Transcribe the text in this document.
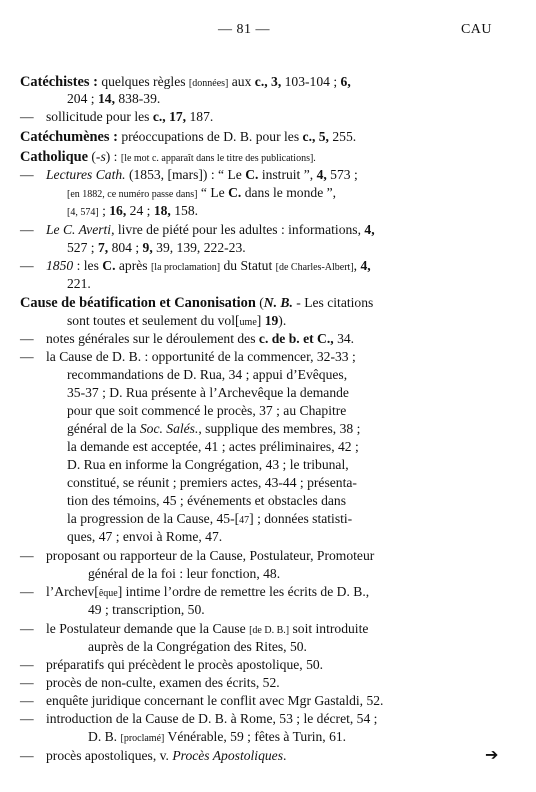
— 81 —	CAU
➔
Catéchistes : quelques règles [données] aux c., 3, 103-104 ; 6,
204 ; 14, 838-39.
— sollicitude pour les c., 17, 187.
Catéchumènes : préoccupations de D. B. pour les c., 5, 255.
Catholique (-s) : [le mot c. apparaît dans le titre des publications].
— Lectures Cath. (1853, [mars]) : “ Le C. instruit ”, 4, 573 ;
[en 1882, ce numéro passe dans] “ Le C. dans le monde ”,
[4, 574] ; 16, 24 ; 18, 158.
— Le C. Averti, livre de piété pour les adultes : informations, 4,
527 ; 7, 804 ; 9, 39, 139, 222-23.
— 1850 : les C. après [la proclamation] du Statut [de Charles-Albert], 4,
221.
Cause de béatification et Canonisation (N. B. - Les citations
sont toutes et seulement du vol[ume] 19).
— notes générales sur le déroulement des c. de b. et C., 34.
— la Cause de D. B. : opportunité de la commencer, 32-33 ;
recommandations de D. Rua, 34 ; appui d’Evêques,
35-37 ; D. Rua présente à l’Archevêque la demande
pour que soit commencé le procès, 37 ; au Chapitre
général de la Soc. Salés., supplique des membres, 38 ;
la demande est acceptée, 41 ; actes préliminaires, 42 ;
D. Rua en informe la Congrégation, 43 ; le tribunal,
constitué, se réunit ; premiers actes, 43-44 ; présenta-
tion des témoins, 45 ; événements et obstacles dans
la progression de la Cause, 45-[47] ; données statisti-
ques, 47 ; envoi à Rome, 47.
— proposant ou rapporteur de la Cause, Postulateur, Promoteur
général de la foi : leur fonction, 48.
— l’Archev[êque] intime l’ordre de remettre les écrits de D. B.,
49 ; transcription, 50.
— le Postulateur demande que la Cause [de D. B.] soit introduite
auprès de la Congrégation des Rites, 50.
— préparatifs qui précèdent le procès apostolique, 50.
— procès de non-culte, examen des écrits, 52.
— enquête juridique concernant le conflit avec Mgr Gastaldi, 52.
— introduction de la Cause de D. B. à Rome, 53 ; le décret, 54 ;
D. B. [proclamé] Vénérable, 59 ; fêtes à Turin, 61.
— procès apostoliques, v. Procès Apostoliques.
